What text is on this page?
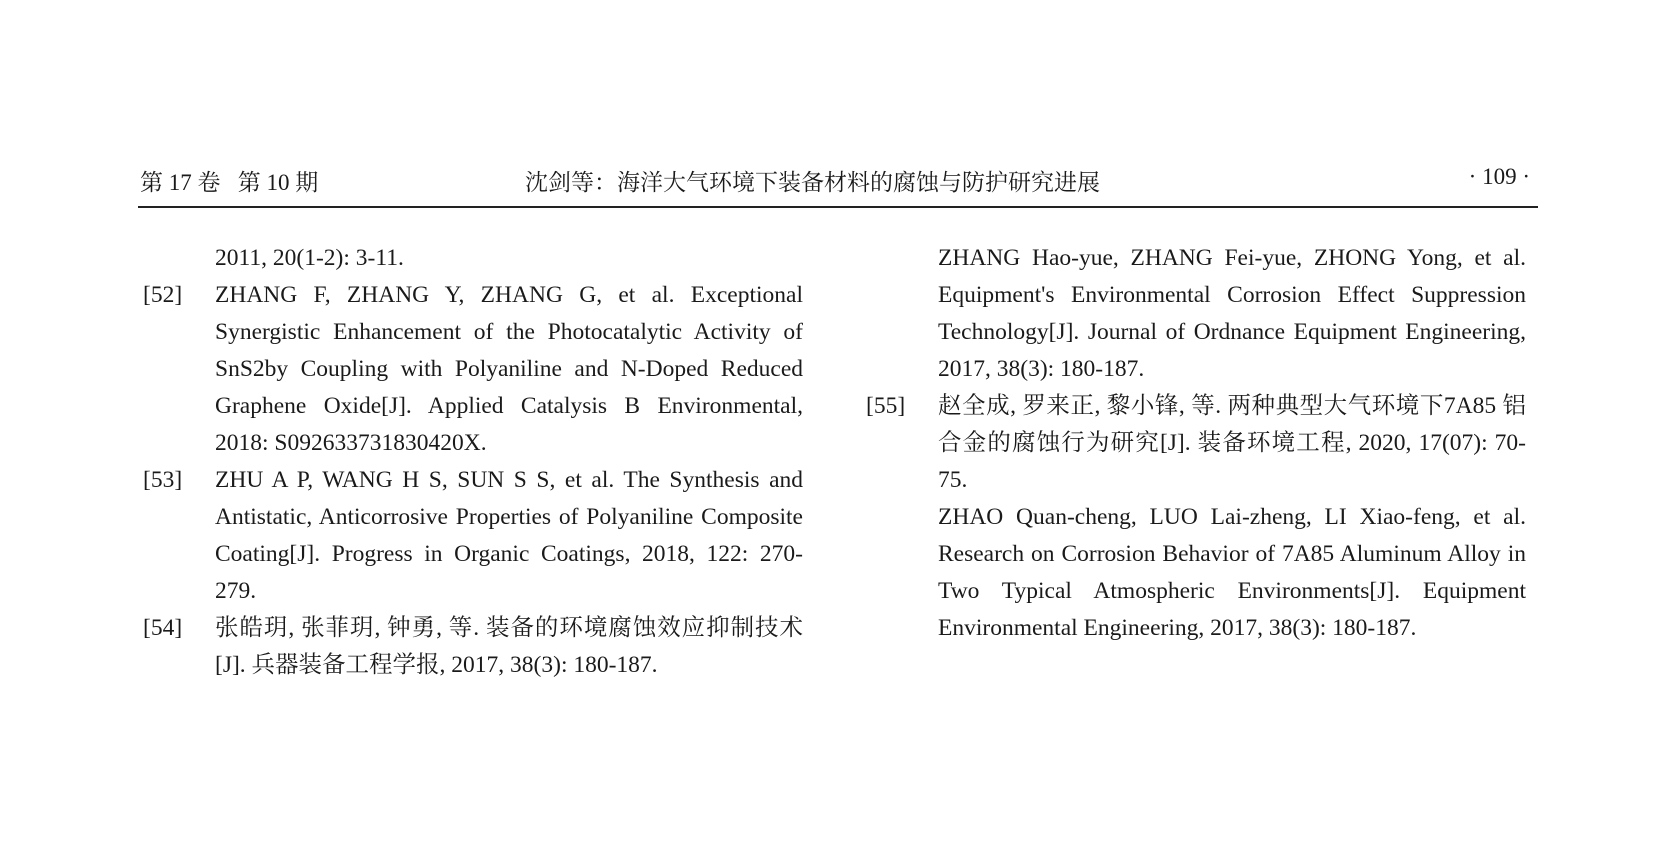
第 17 卷   第 10 期	沈剑等：海洋大气环境下装备材料的腐蚀与防护研究进展	· 109 ·
2011, 20(1-2): 3-11.
[52] ZHANG F, ZHANG Y, ZHANG G, et al. Exceptional Synergistic Enhancement of the Photocatalytic Activity of SnS2by Coupling with Polyaniline and N-Doped Reduced Graphene Oxide[J]. Applied Catalysis B Environmental, 2018: S092633731830420X.
[53] ZHU A P, WANG H S, SUN S S, et al. The Synthesis and Antistatic, Anticorrosive Properties of Polyaniline Composite Coating[J]. Progress in Organic Coatings, 2018, 122: 270-279.
[54] 张皓玥, 张菲玥, 钟勇, 等. 装备的环境腐蚀效应抑制技术[J]. 兵器装备工程学报, 2017, 38(3): 180-187.
ZHANG Hao-yue, ZHANG Fei-yue, ZHONG Yong, et al. Equipment's Environmental Corrosion Effect Suppression Technology[J]. Journal of Ordnance Equipment Engineering, 2017, 38(3): 180-187.
[55] 赵全成, 罗来正, 黎小锋, 等. 两种典型大气环境下7A85 铝合金的腐蚀行为研究[J]. 装备环境工程, 2020, 17(07): 70-75.
ZHAO Quan-cheng, LUO Lai-zheng, LI Xiao-feng, et al. Research on Corrosion Behavior of 7A85 Aluminum Alloy in Two Typical Atmospheric Environments[J]. Equipment Environmental Engineering, 2017, 38(3): 180-187.
